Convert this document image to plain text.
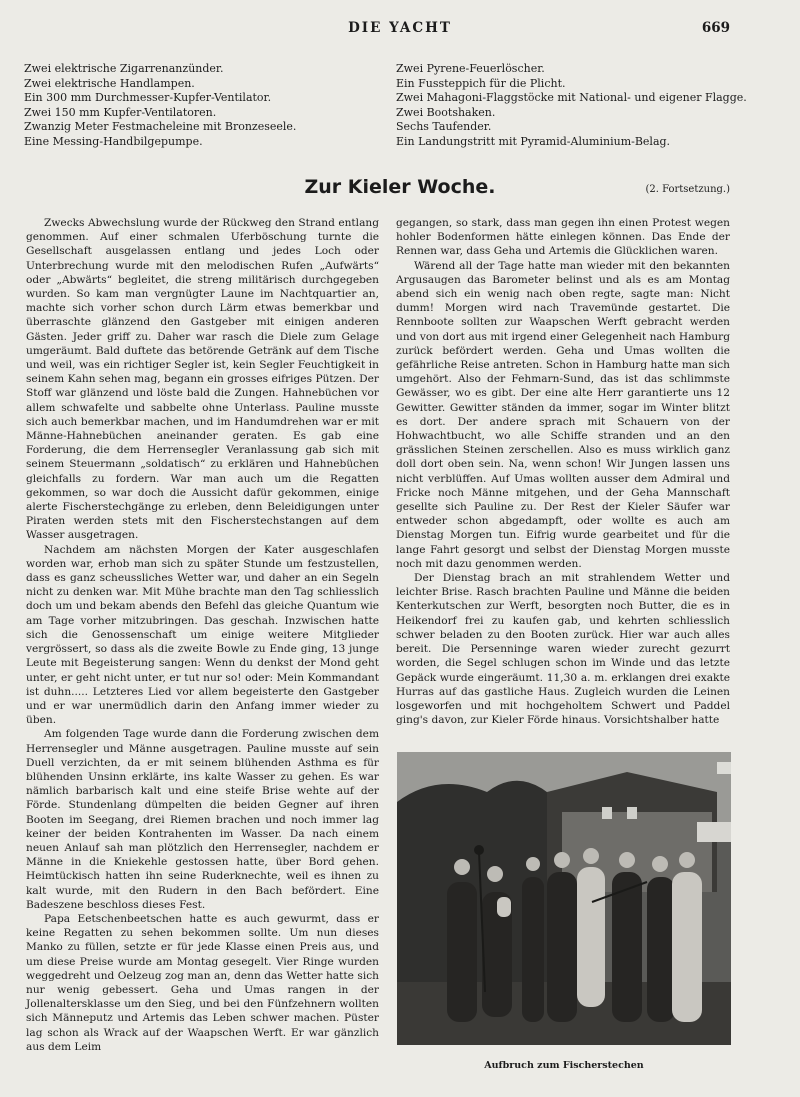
DIE YACHT	669
Zwei elektrische Zigarrenanzünder.
Zwei elektrische Handlampen.
Ein 300 mm Durchmesser-Kupfer-Ventilator.
Zwei 150 mm Kupfer-Ventilatoren.
Zwanzig Meter Festmacheleine mit Bronzeseele.
Eine Messing-Handbilgepumpe.
Zwei Pyrene-Feuerlöscher.
Ein Fussteppich für die Plicht.
Zwei Mahagoni-Flaggstöcke mit National- und eigener Flagge.
Zwei Bootshaken.
Sechs Taufender.
Ein Landungstritt mit Pyramid-Aluminium-Belag.
Zur Kieler Woche.	(2. Fortsetzung.)

Zwecks Abwechslung wurde der Rückweg den Strand entlang genommen. Auf einer schmalen Uferböschung turnte die Gesellschaft ausgelassen entlang und jedes Loch oder Unterbrechung wurde mit den melodischen Rufen „Aufwärts“ oder „Abwärts“ begleitet, die streng militärisch durchgegeben wurden. So kam man vergnügter Laune im Nachtquartier an, machte sich vorher schon durch Lärm etwas bemerkbar und überraschte glänzend den Gastgeber mit einigen anderen Gästen. Jeder griff zu. Daher war rasch die Diele zum Gelage umgeräumt. Bald duftete das betörende Getränk auf dem Tische und weil, was ein richtiger Segler ist, kein Segler Feuchtigkeit in seinem Kahn sehen mag, begann ein grosses eifriges Pützen. Der Stoff war glänzend und löste bald die Zungen. Hahnebüchen vor allem schwafelte und sabbelte ohne Unterlass. Pauline musste sich auch bemerkbar machen, und im Handumdrehen war er mit Männe-Hahnebüchen aneinander geraten. Es gab eine Forderung, die dem Herrensegler Veranlassung gab sich mit seinem Steuermann „soldatisch“ zu erklären und Hahnebüchen gleichfalls zu fordern. War man auch um die Regatten gekommen, so war doch die Aussicht dafür gekommen, einige alerte Fischerstechgänge zu erleben, denn Beleidigungen unter Piraten werden stets mit den Fischerstechstangen auf dem Wasser ausgetragen.

Nachdem am nächsten Morgen der Kater ausgeschlafen worden war, erhob man sich zu später Stunde um festzustellen, dass es ganz scheussliches Wetter war, und daher an ein Segeln nicht zu denken war. Mit Mühe brachte man den Tag schliesslich doch um und bekam abends den Befehl das gleiche Quantum wie am Tage vorher mitzubringen. Das geschah. Inzwischen hatte sich die Genossenschaft um einige weitere Mitglieder vergrössert, so dass als die zweite Bowle zu Ende ging, 13 junge Leute mit Begeisterung sangen: Wenn du denkst der Mond geht unter, er geht nicht unter, er tut nur so! oder: Mein Kommandant ist duhn..... Letzteres Lied vor allem begeisterte den Gastgeber und er war unermüdlich darin den Anfang immer wieder zu üben.

Am folgenden Tage wurde dann die Forderung zwischen dem Herrensegler und Männe ausgetragen. Pauline musste auf sein Duell verzichten, da er mit seinem blühenden Asthma es für blühenden Unsinn erklärte, ins kalte Wasser zu gehen. Es war nämlich barbarisch kalt und eine steife Brise wehte auf der Förde. Stundenlang dümpelten die beiden Gegner auf ihren Booten im Seegang, drei Riemen brachen und noch immer lag keiner der beiden Kontrahenten im Wasser. Da nach einem neuen Anlauf sah man plötzlich den Herrensegler, nachdem er Männe in die Kniekehle gestossen hatte, über Bord gehen. Heimtückisch hatten ihn seine Ruderknechte, weil es ihnen zu kalt wurde, mit den Rudern in den Bach befördert. Eine Badeszene beschloss dieses Fest.

Papa Eetschenbeetschen hatte es auch gewurmt, dass er keine Regatten zu sehen bekommen sollte. Um nun dieses Manko zu füllen, setzte er für jede Klasse einen Preis aus, und um diese Preise wurde am Montag gesegelt. Vier Ringe wurden weggedreht und Oelzeug zog man an, denn das Wetter hatte sich nur wenig gebessert. Geha und Umas rangen in der Jollenaltersklasse um den Sieg, und bei den Fünfzehnern wollten sich Männeputz und Artemis das Leben schwer machen. Püster lag schon als Wrack auf der Waapschen Werft. Er war gänzlich aus dem Leim

gegangen, so stark, dass man gegen ihn einen Protest wegen hohler Bodenformen hätte einlegen können. Das Ende der Rennen war, dass Geha und Artemis die Glücklichen waren.

Wärend all der Tage hatte man wieder mit den bekannten Argusaugen das Barometer belinst und als es am Montag abend sich ein wenig nach oben regte, sagte man: Nicht dumm! Morgen wird nach Travemünde gestartet. Die Rennboote sollten zur Waapschen Werft gebracht werden und von dort aus mit irgend einer Gelegenheit nach Hamburg zurück befördert werden. Geha und Umas wollten die gefährliche Reise antreten. Schon in Hamburg hatte man sich umgehört. Also der Fehmarn-Sund, das ist das schlimmste Gewässer, wo es gibt. Der eine alte Herr garantierte uns 12 Gewitter. Gewitter ständen da immer, sogar im Winter blitzt es dort. Der andere sprach mit Schauern von der Hohwachtbucht, wo alle Schiffe stranden und an den grässlichen Steinen zerschellen. Also es muss wirklich ganz doll dort oben sein. Na, wenn schon! Wir Jungen lassen uns nicht verblüffen. Auf Umas wollten ausser dem Admiral und Fricke noch Männe mitgehen, und der Geha Mannschaft gesellte sich Pauline zu. Der Rest der Kieler Säufer war entweder schon abgedampft, oder wollte es auch am Dienstag Morgen tun. Eifrig wurde gearbeitet und für die lange Fahrt gesorgt und selbst der Dienstag Morgen musste noch mit dazu genommen werden.

Der Dienstag brach an mit strahlendem Wetter und leichter Brise. Rasch brachten Pauline und Männe die beiden Kenterkutschen zur Werft, besorgten noch Butter, die es in Heikendorf frei zu kaufen gab, und kehrten schliesslich schwer beladen zu den Booten zurück. Hier war auch alles bereit. Die Persenninge waren wieder zurecht gezurrt worden, die Segel schlugen schon im Winde und das letzte Gepäck wurde eingeräumt. 11,30 a. m. erklangen drei exakte Hurras auf das gastliche Haus. Zugleich wurden die Leinen losgeworfen und mit hochgeholtem Schwert und Paddel ging's davon, zur Kieler Förde hinaus. Vorsichtshalber hatte

Aufbruch zum Fischerstechen
